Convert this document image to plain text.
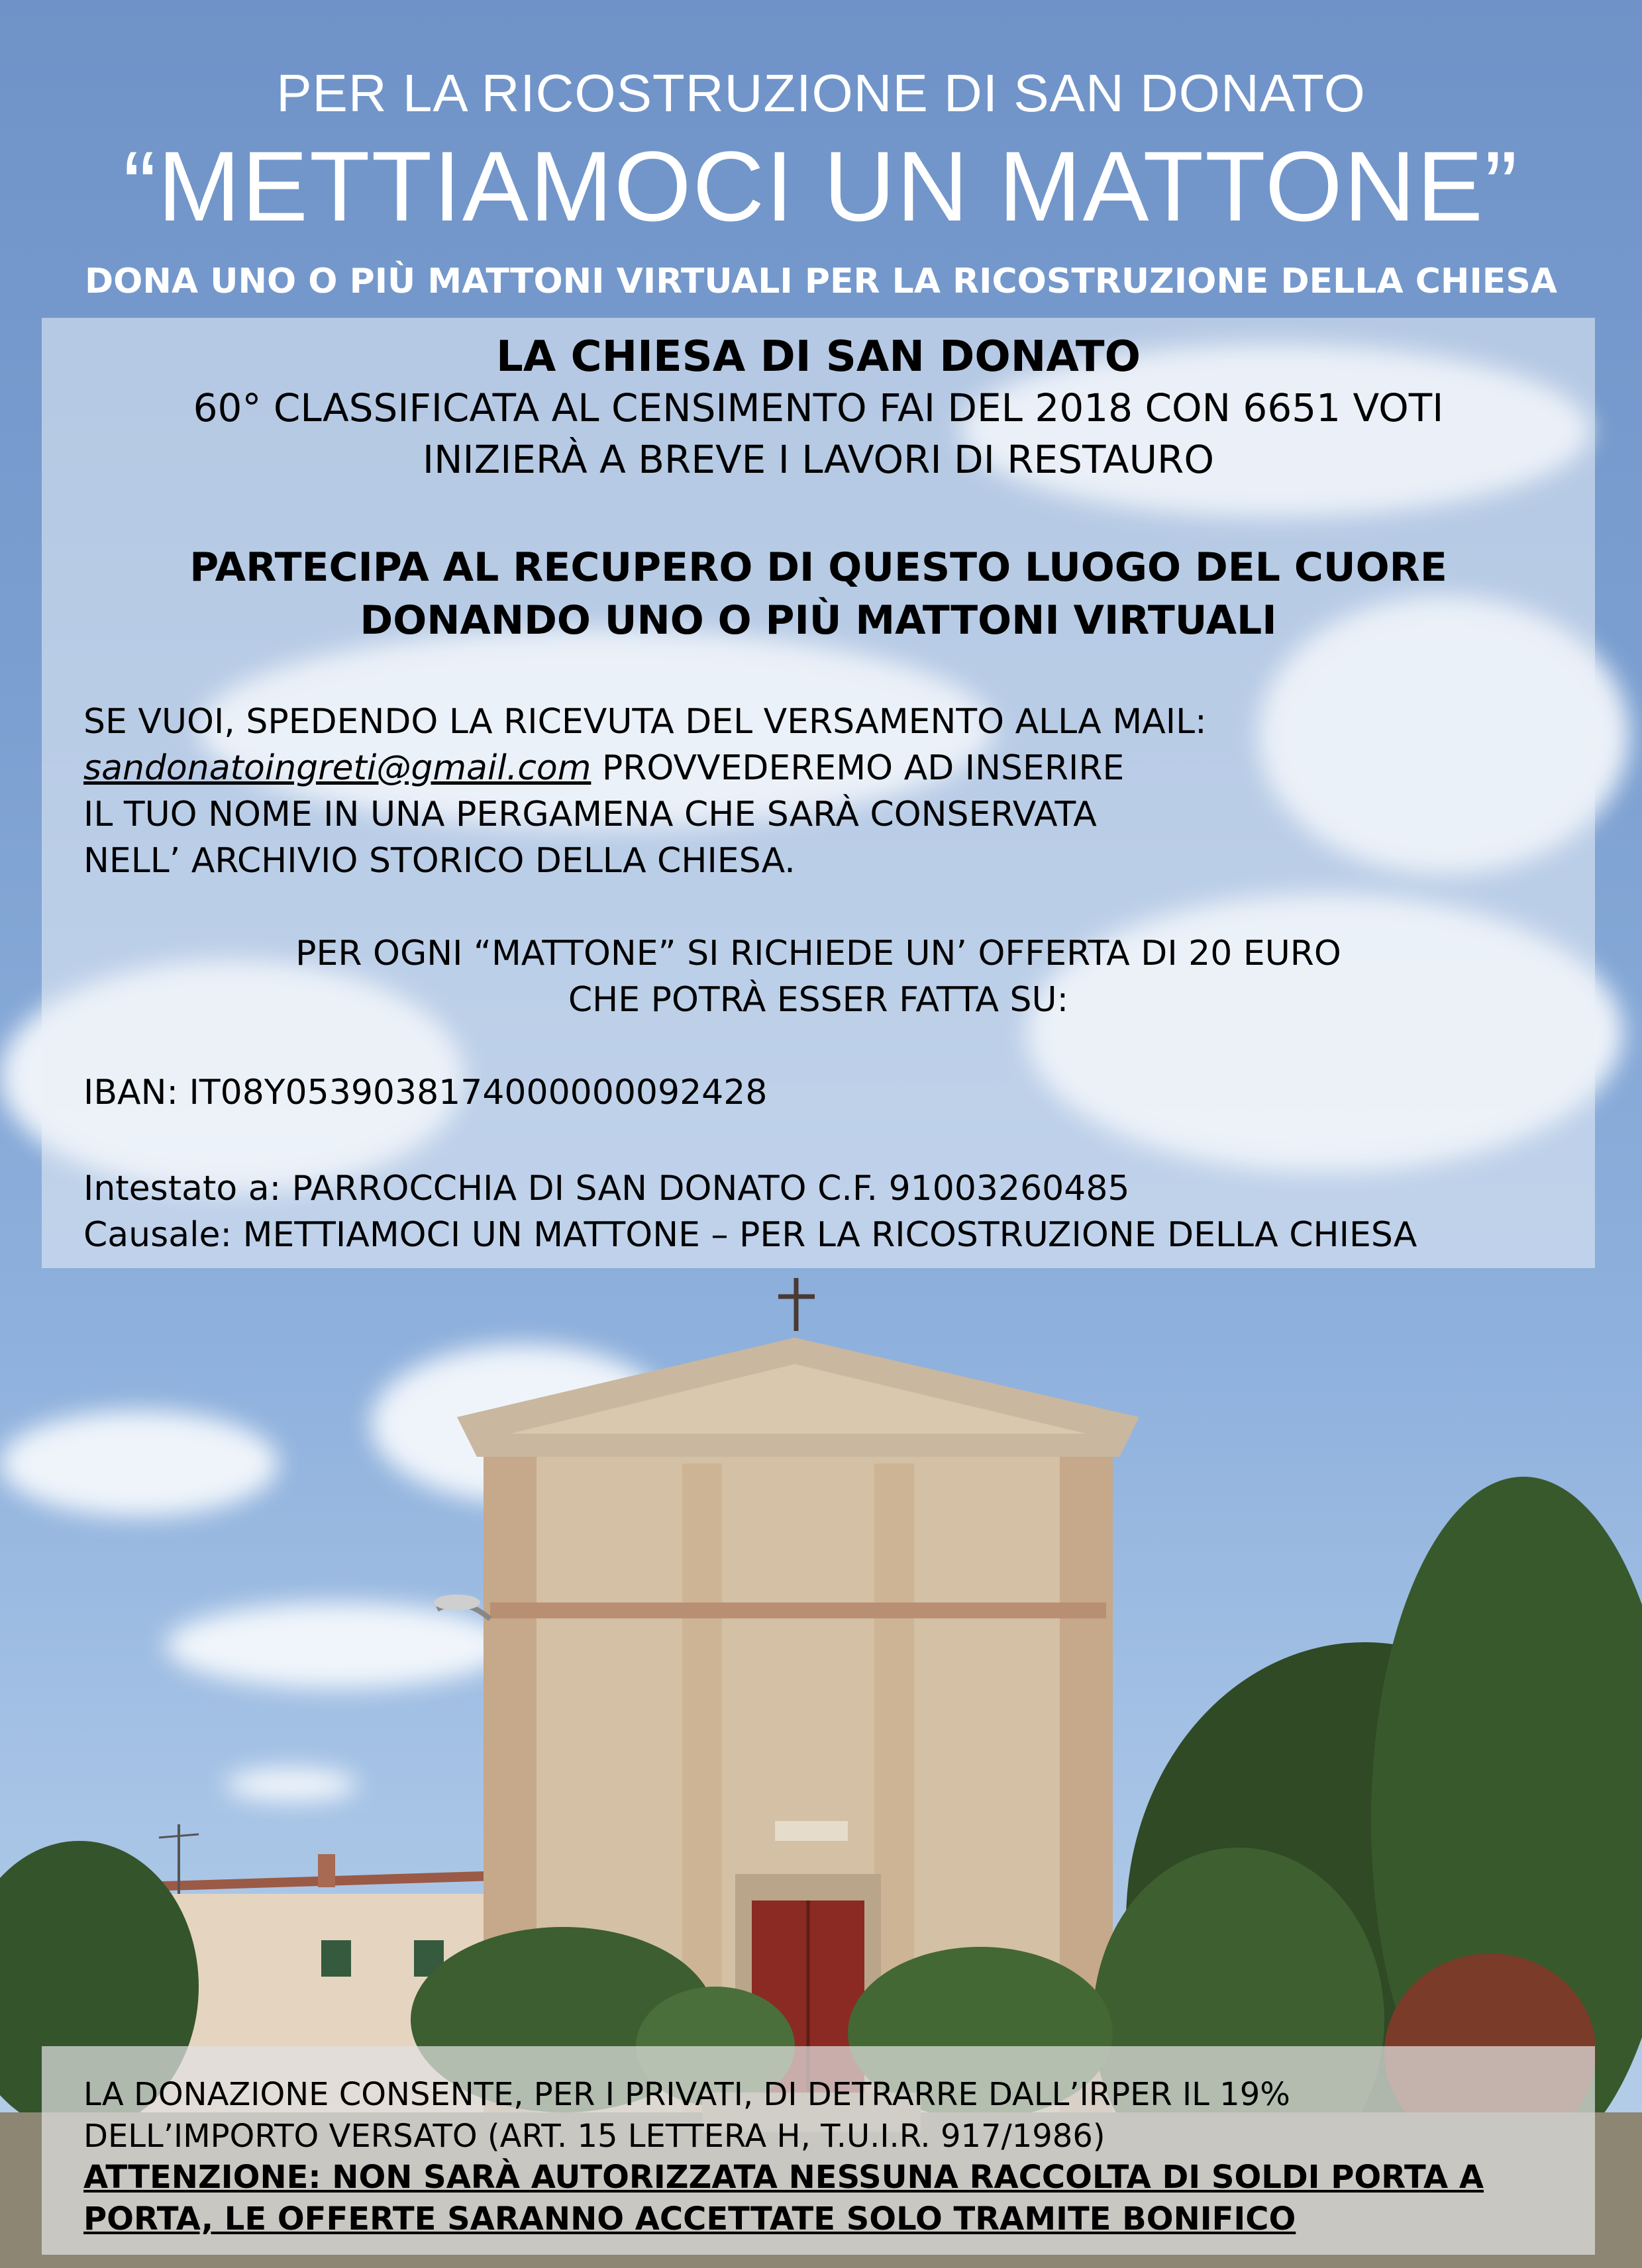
PER LA RICOSTRUZIONE DI SAN DONATO
“METTIAMOCI UN MATTONE”
DONA UNO O PIÙ MATTONI VIRTUALI PER LA RICOSTRUZIONE DELLA CHIESA
LA CHIESA DI SAN DONATO
60° CLASSIFICATA AL CENSIMENTO FAI DEL 2018 CON 6651 VOTI
INIZIERÀ A BREVE I LAVORI DI RESTAURO
PARTECIPA AL RECUPERO DI QUESTO LUOGO DEL CUORE
DONANDO UNO O PIÙ MATTONI VIRTUALI
SE VUOI, SPEDENDO LA RICEVUTA DEL VERSAMENTO ALLA MAIL:
sandonatoingreti@gmail.com PROVVEDEREMO AD INSERIRE
IL TUO NOME IN UNA PERGAMENA CHE SARÀ CONSERVATA
NELL’ ARCHIVIO STORICO DELLA CHIESA.
PER OGNI “MATTONE” SI RICHIEDE UN’ OFFERTA DI 20 EURO
CHE POTRÀ ESSER FATTA SU:
IBAN: IT08Y0539038174000000092428
Intestato a: PARROCCHIA DI SAN DONATO C.F. 91003260485
Causale: METTIAMOCI UN MATTONE – PER LA RICOSTRUZIONE DELLA CHIESA
LA DONAZIONE CONSENTE, PER I PRIVATI, DI DETRARRE DALL’IRPER IL 19%
DELL’IMPORTO VERSATO (ART. 15 LETTERA H, T.U.I.R. 917/1986)
ATTENZIONE: NON SARÀ AUTORIZZATA NESSUNA RACCOLTA DI SOLDI PORTA A
PORTA, LE OFFERTE SARANNO ACCETTATE SOLO TRAMITE BONIFICO
